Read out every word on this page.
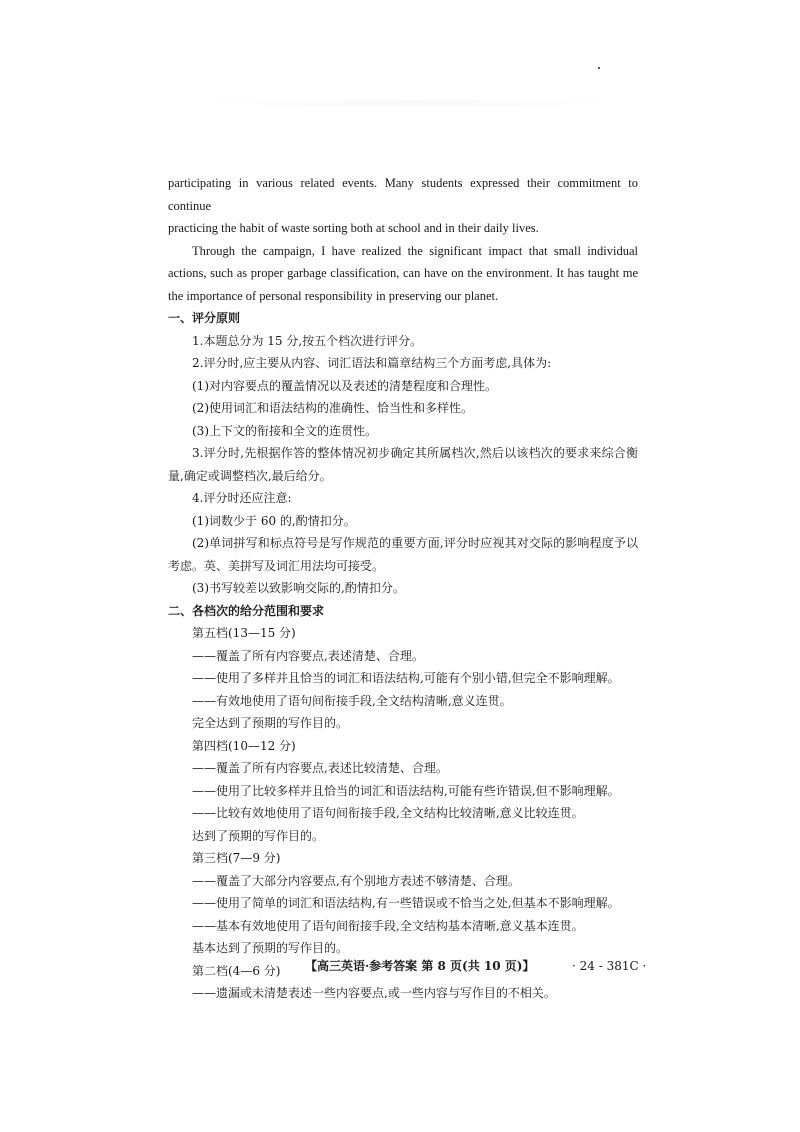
participating in various related events. Many students expressed their commitment to continue
practicing the habit of waste sorting both at school and in their daily lives.

Through the campaign, I have realized the significant impact that small individual actions, such as proper garbage classification, can have on the environment. It has taught me the importance of personal responsibility in preserving our planet.

一、评分原则

1.本题总分为 15 分,按五个档次进行评分。

2.评分时,应主要从内容、词汇语法和篇章结构三个方面考虑,具体为:

(1)对内容要点的覆盖情况以及表述的清楚程度和合理性。

(2)使用词汇和语法结构的准确性、恰当性和多样性。

(3)上下文的衔接和全文的连贯性。

3.评分时,先根据作答的整体情况初步确定其所属档次,然后以该档次的要求来综合衡量,确定或调整档次,最后给分。

4.评分时还应注意:

(1)词数少于 60 的,酌情扣分。

(2)单词拼写和标点符号是写作规范的重要方面,评分时应视其对交际的影响程度予以考虑。英、美拼写及词汇用法均可接受。

(3)书写较差以致影响交际的,酌情扣分。

二、各档次的给分范围和要求

第五档(13—15 分)

——覆盖了所有内容要点,表述清楚、合理。

——使用了多样并且恰当的词汇和语法结构,可能有个别小错,但完全不影响理解。

——有效地使用了语句间衔接手段,全文结构清晰,意义连贯。

完全达到了预期的写作目的。

第四档(10—12 分)

——覆盖了所有内容要点,表述比较清楚、合理。

——使用了比较多样并且恰当的词汇和语法结构,可能有些许错误,但不影响理解。

——比较有效地使用了语句间衔接手段,全文结构比较清晰,意义比较连贯。

达到了预期的写作目的。

第三档(7—9 分)

——覆盖了大部分内容要点,有个别地方表述不够清楚、合理。

——使用了简单的词汇和语法结构,有一些错误或不恰当之处,但基本不影响理解。

——基本有效地使用了语句间衔接手段,全文结构基本清晰,意义基本连贯。

基本达到了预期的写作目的。

第二档(4—6 分)

——遗漏或未清楚表述一些内容要点,或一些内容与写作目的不相关。

【高三英语·参考答案 第 8 页(共 10 页)】	· 24 - 381C ·
